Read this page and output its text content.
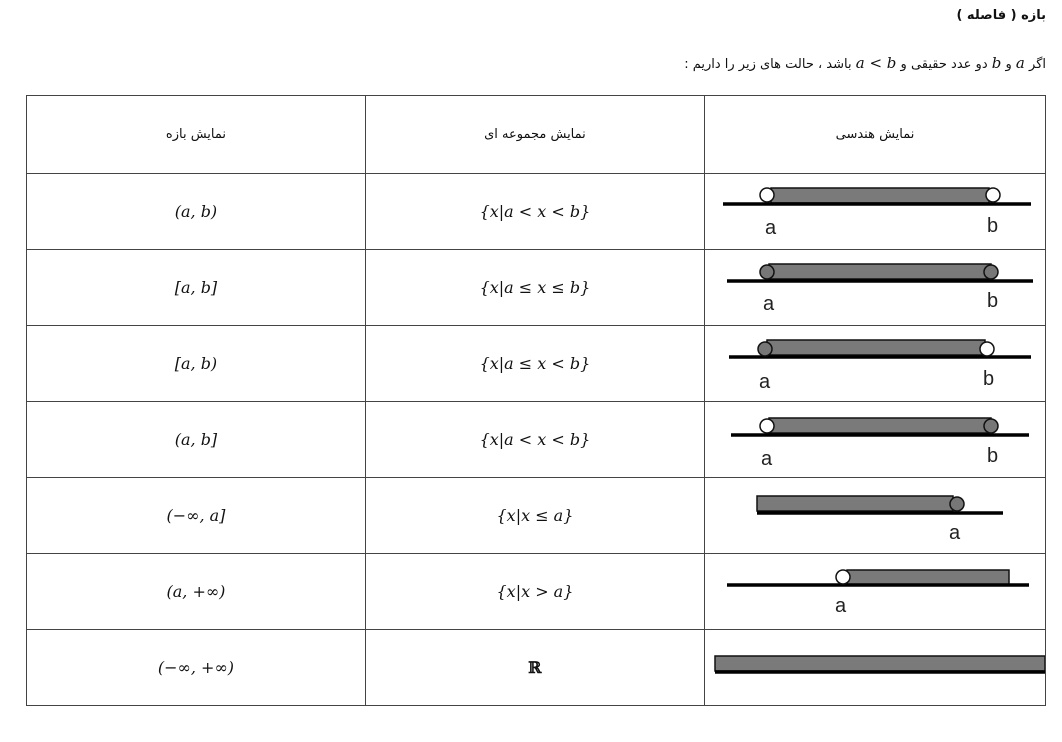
بازه ( فاصله )
اگر a و b دو عدد حقیقی و a < b باشد ، حالت های زیر را داریم :
نمایش بازه	نمایش مجموعه ای	نمایش هندسی
(a, b)	{x|a < x < b}	a b

[a, b]	{x|a ≤ x ≤ b}	a b

[a, b)	{x|a ≤ x < b}	a b

(a, b]	{x|a < x < b}	a b

(−∞, a]	{x|x ≤ a}	a

(a, +∞)	{x|x > a}	a

(−∞, +∞)	ℝ	
